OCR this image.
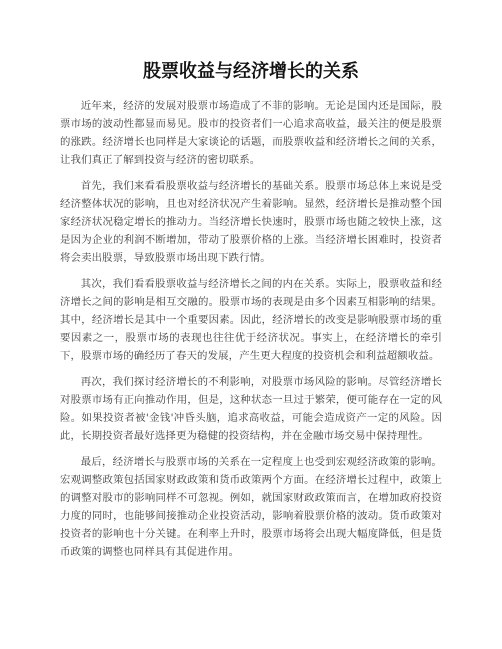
股票收益与经济增长的关系

近年来，经济的发展对股票市场造成了不菲的影响。无论是国内还是国际，股票市场的波动性都显而易见。股市的投资者们一心追求高收益，最关注的便是股票的涨跌。经济增长也同样是大家谈论的话题，而股票收益和经济增长之间的关系，让我们真正了解到投资与经济的密切联系。

首先，我们来看看股票收益与经济增长的基础关系。股票市场总体上来说是受经济整体状况的影响，且也对经济状况产生着影响。显然，经济增长是推动整个国家经济状况稳定增长的推动力。当经济增长快速时，股票市场也随之较快上涨，这是因为企业的利润不断增加，带动了股票价格的上涨。当经济增长困难时，投资者将会卖出股票，导致股票市场出现下跌行情。

其次，我们看看股票收益与经济增长之间的内在关系。实际上，股票收益和经济增长之间的影响是相互交融的。股票市场的表现是由多个因素互相影响的结果。其中，经济增长是其中一个重要因素。因此，经济增长的改变是影响股票市场的重要因素之一，股票市场的表现也往往优于经济状况。事实上，在经济增长的牵引下，股票市场的确经历了春天的发展，产生更大程度的投资机会和利益超额收益。

再次，我们探讨经济增长的不利影响，对股票市场风险的影响。尽管经济增长对股票市场有正向推动作用，但是，这种状态一旦过于繁荣，便可能存在一定的风险。如果投资者被'金钱'冲昏头脑，追求高收益，可能会造成资产一定的风险。因此，长期投资者最好选择更为稳健的投资结构，并在金融市场交易中保持理性。

最后，经济增长与股票市场的关系在一定程度上也受到宏观经济政策的影响。宏观调整政策包括国家财政政策和货币政策两个方面。在经济增长过程中，政策上的调整对股市的影响同样不可忽视。例如，就国家财政政策而言，在增加政府投资力度的同时，也能够间接推动企业投资活动，影响着股票价格的波动。货币政策对投资者的影响也十分关键。在利率上升时，股票市场将会出现大幅度降低，但是货币政策的调整也同样具有其促进作用。
